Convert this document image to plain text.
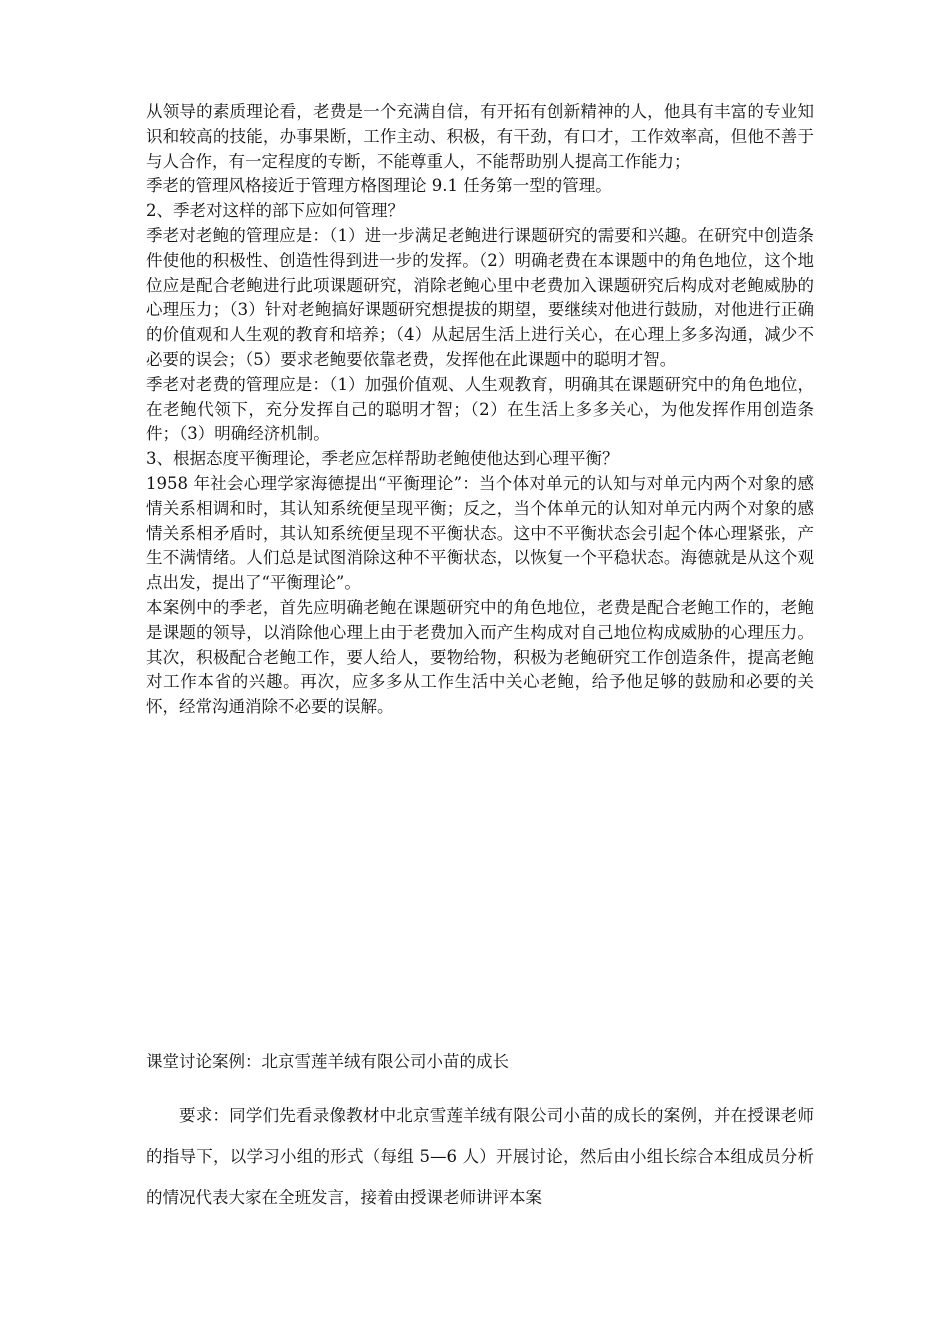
从领导的素质理论看，老费是一个充满自信，有开拓有创新精神的人，他具有丰富的专业知识和较高的技能，办事果断，工作主动、积极，有干劲，有口才，工作效率高，但他不善于与人合作，有一定程度的专断，不能尊重人，不能帮助别人提高工作能力；

季老的管理风格接近于管理方格图理论 9.1 任务第一型的管理。

2、季老对这样的部下应如何管理？

季老对老鲍的管理应是：（1）进一步满足老鲍进行课题研究的需要和兴趣。在研究中创造条件使他的积极性、创造性得到进一步的发挥。（2）明确老费在本课题中的角色地位，这个地位应是配合老鲍进行此项课题研究，消除老鲍心里中老费加入课题研究后构成对老鲍威胁的心理压力；（3）针对老鲍搞好课题研究想提拔的期望，要继续对他进行鼓励，对他进行正确的价值观和人生观的教育和培养；（4）从起居生活上进行关心，在心理上多多沟通，减少不必要的误会；（5）要求老鲍要依靠老费，发挥他在此课题中的聪明才智。

季老对老费的管理应是：（1）加强价值观、人生观教育，明确其在课题研究中的角色地位，在老鲍代领下，充分发挥自己的聪明才智；（2）在生活上多多关心，为他发挥作用创造条件；（3）明确经济机制。

3、根据态度平衡理论，季老应怎样帮助老鲍使他达到心理平衡？

1958 年社会心理学家海德提出“平衡理论”：当个体对单元的认知与对单元内两个对象的感情关系相调和时，其认知系统便呈现平衡；反之，当个体单元的认知对单元内两个对象的感情关系相矛盾时，其认知系统便呈现不平衡状态。这中不平衡状态会引起个体心理紧张，产生不满情绪。人们总是试图消除这种不平衡状态，以恢复一个平稳状态。海德就是从这个观点出发，提出了“平衡理论”。

本案例中的季老，首先应明确老鲍在课题研究中的角色地位，老费是配合老鲍工作的，老鲍是课题的领导，以消除他心理上由于老费加入而产生构成对自己地位构成威胁的心理压力。其次，积极配合老鲍工作，要人给人，要物给物，积极为老鲍研究工作创造条件，提高老鲍对工作本省的兴趣。再次，应多多从工作生活中关心老鲍，给予他足够的鼓励和必要的关怀，经常沟通消除不必要的误解。

课堂讨论案例：北京雪莲羊绒有限公司小苗的成长

要求：同学们先看录像教材中北京雪莲羊绒有限公司小苗的成长的案例，并在授课老师的指导下，以学习小组的形式（每组 5—6 人）开展讨论，然后由小组长综合本组成员分析的情况代表大家在全班发言，接着由授课老师讲评本案
